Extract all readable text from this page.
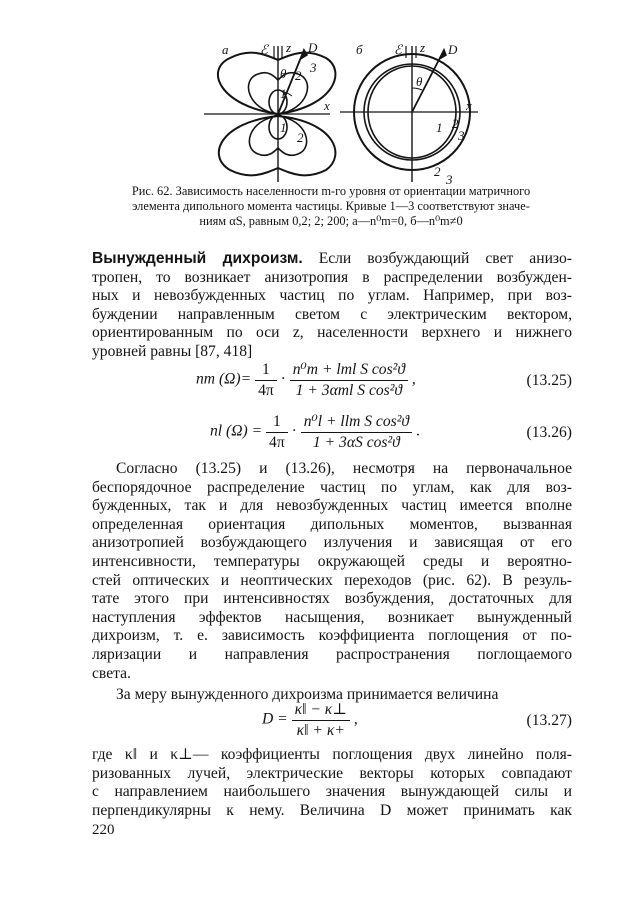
а ℰ z D
x
θ
1
2
3
1
2
б ℰ z D
x
θ
1 2
3
2
3
Рис. 62. Зависимость населенности m-го уровня от ориентации матричного
элемента дипольного момента частицы. Кривые 1—3 соответствуют значе-
ниям αS, равным 0,2; 2; 200; а—n⁰m=0, б—n⁰m≠0
Вынужденный дихроизм. Если возбуждающий свет анизо-
тропен, то возникает анизотропия в распределении возбужден-
ных и невозбужденных частиц по углам. Например, при воз-
буждении направленным светом с электрическим вектором,
ориентированным по оси z, населенности верхнего и нижнего
уровней равны [87, 418]
nm $(\Omega)= \frac{1}{4\pi} \cdot \frac{\text{n⁰m + lml S cos²ϑ}}{\text{1 + 3αml S cos²ϑ}}$ ,	(13.25)
nl $(\Omega) = \frac{1}{4\pi} \cdot \frac{\text{n⁰l + llm S cos²ϑ}}{\text{1 + 3αS cos²ϑ}}$ .	(13.26)
Согласно (13.25) и (13.26), несмотря на первоначальное
беспорядочное распределение частиц по углам, как для воз-
бужденных, так и для невозбужденных частиц имеется вполне
определенная ориентация дипольных моментов, вызванная
анизотропией возбуждающего излучения и зависящая от его
интенсивности, температуры окружающей среды и вероятно-
стей оптических и неоптических переходов (рис. 62). В резуль-
тате этого при интенсивностях возбуждения, достаточных для
наступления эффектов насыщения, возникает вынужденный
дихроизм, т. е. зависимость коэффициента поглощения от по-
ляризации и направления распространения поглощаемого
света.
За меру вынужденного дихроизма принимается величина
$D = \frac{\kappa‖ - \kappa\perp}{\kappa‖ + \kappa+}$ ,	(13.27)
где κ‖ и κ⊥— коэффициенты поглощения двух линейно поля-
ризованных лучей, электрические векторы которых совпадают
с направлением наибольшего значения вынуждающей силы и
перпендикулярны к нему. Величина D может принимать как
220
